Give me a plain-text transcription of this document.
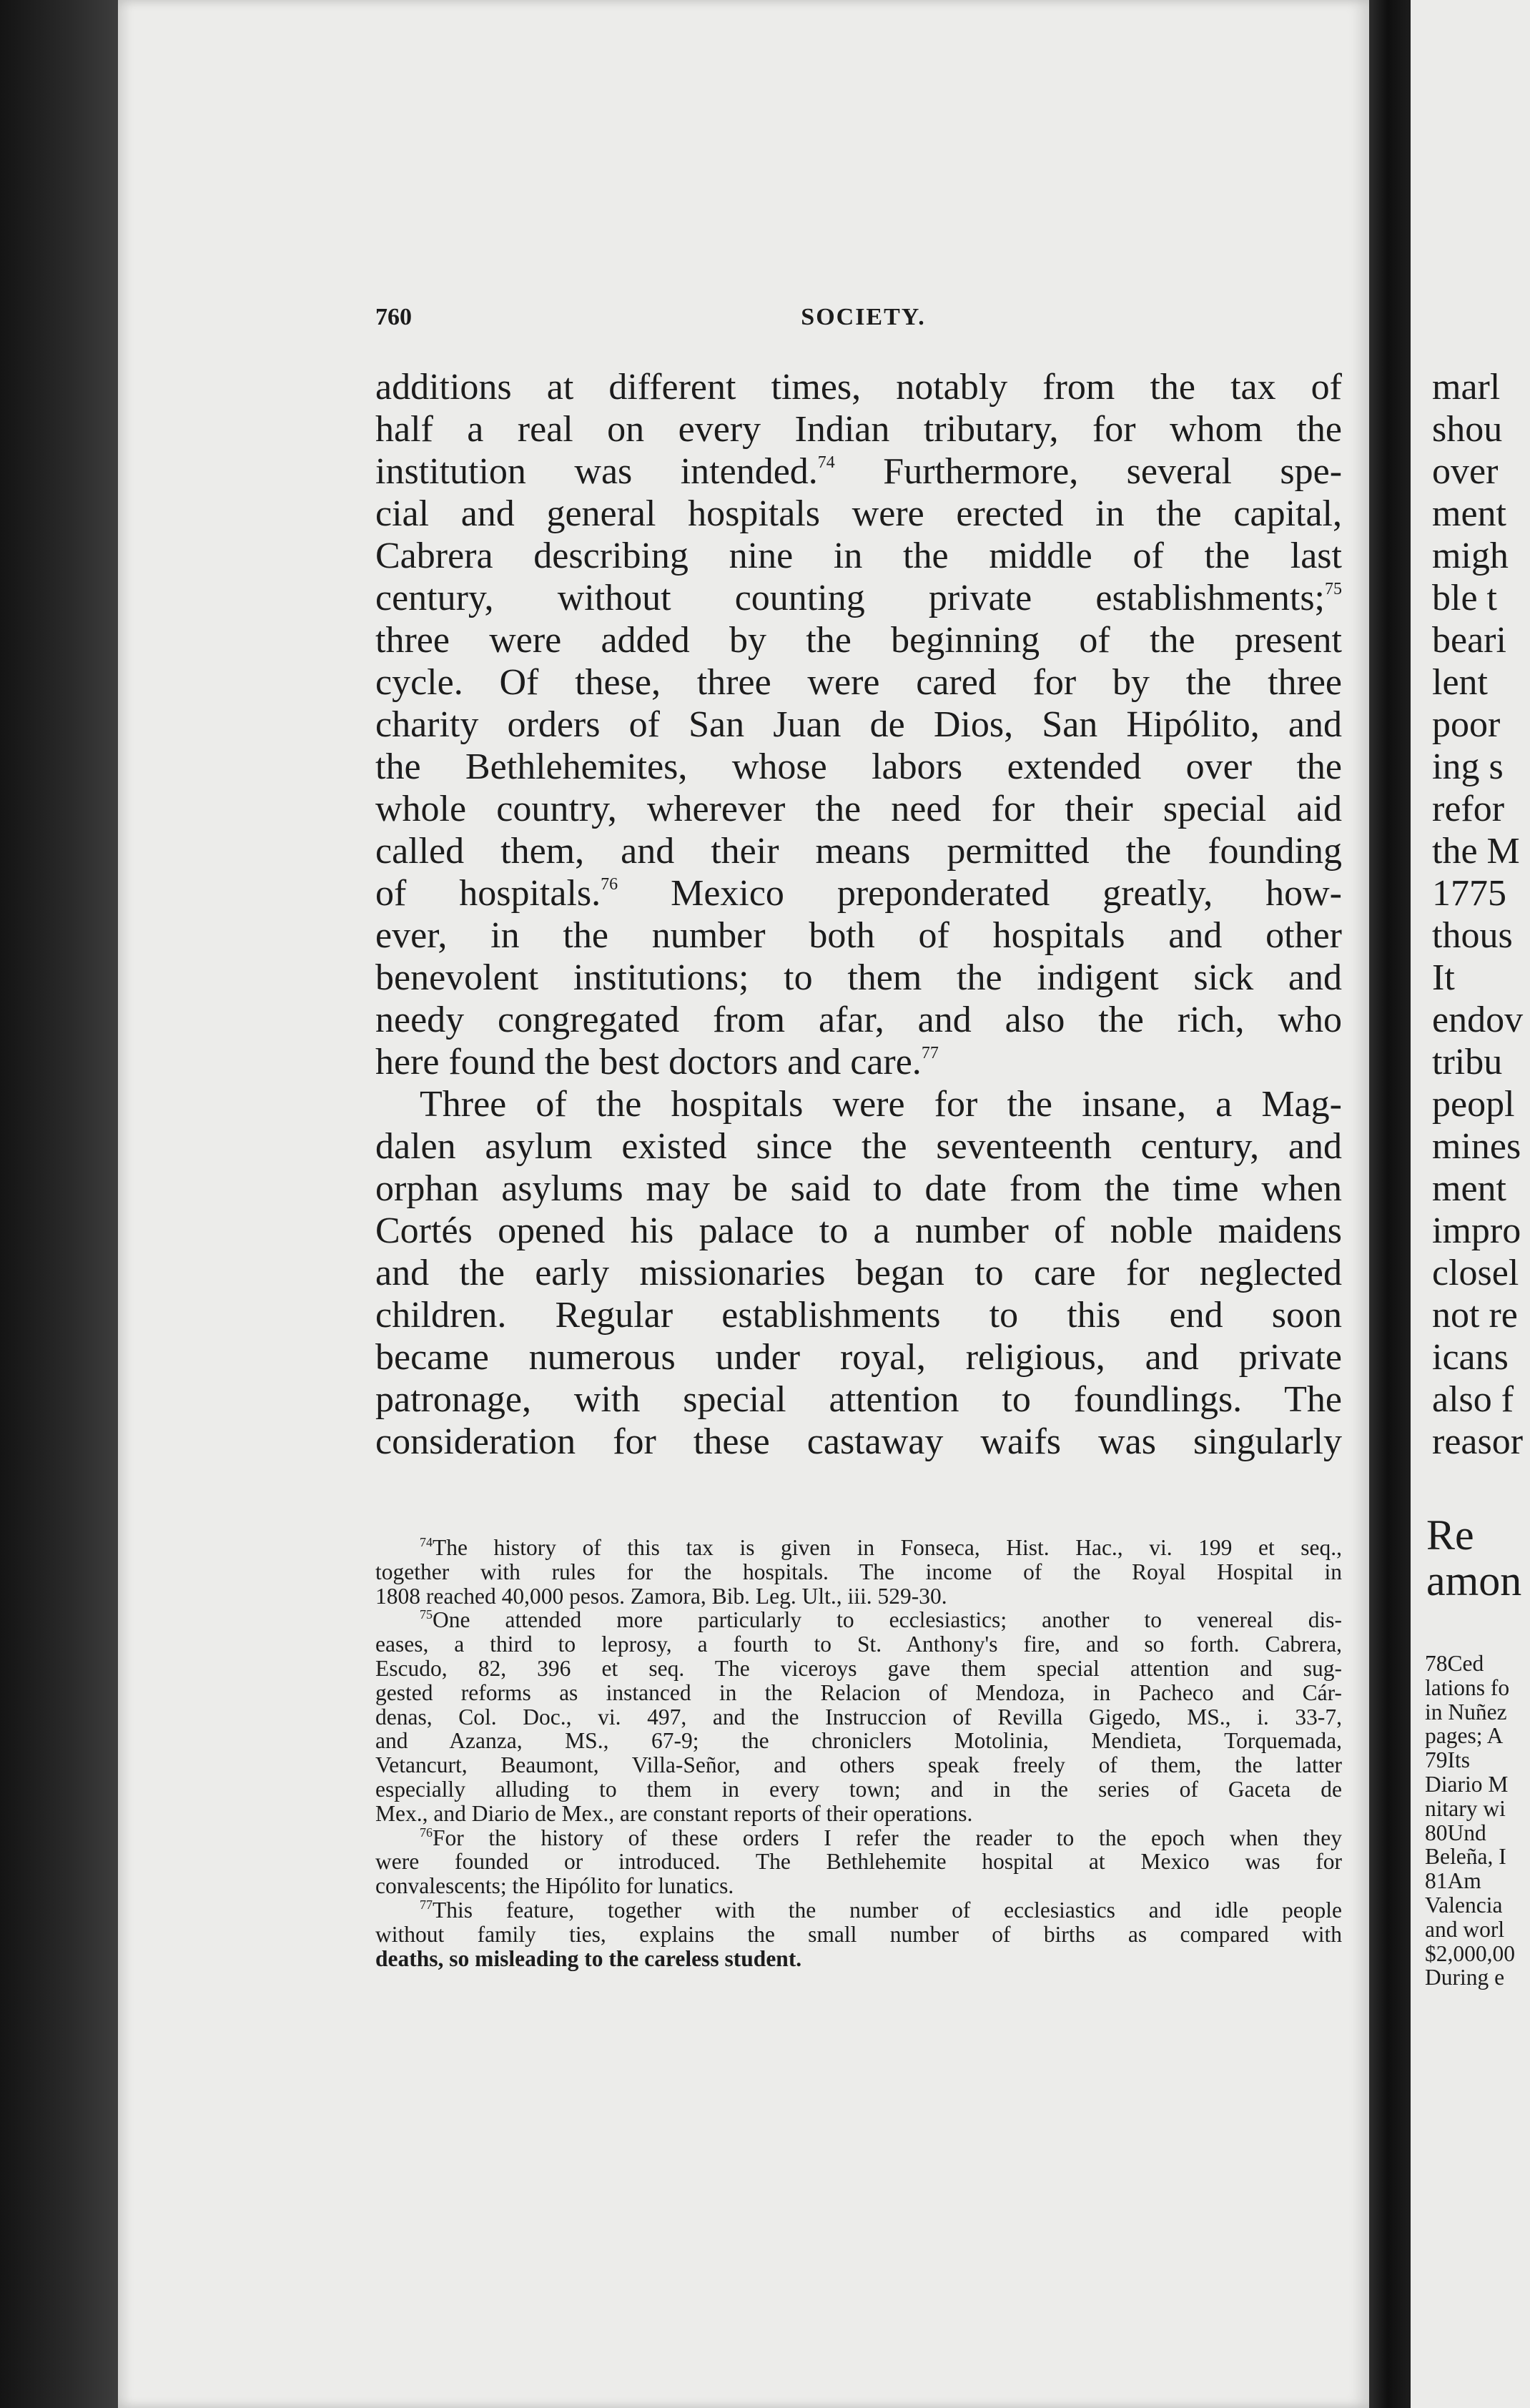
760	SOCIETY.
additions at different times, notably from the tax of
half a real on every Indian tributary, for whom the
institution was intended.$^{74}$ Furthermore, several spe-
cial and general hospitals were erected in the capital,
Cabrera describing nine in the middle of the last
century, without counting private establishments;$^{75}$
three were added by the beginning of the present
cycle. Of these, three were cared for by the three
charity orders of San Juan de Dios, San Hipólito, and
the Bethlehemites, whose labors extended over the
whole country, wherever the need for their special aid
called them, and their means permitted the founding
of hospitals.$^{76}$ Mexico preponderated greatly, how-
ever, in the number both of hospitals and other
benevolent institutions; to them the indigent sick and
needy congregated from afar, and also the rich, who
here found the best doctors and care.$^{77}$
Three of the hospitals were for the insane, a Mag-
dalen asylum existed since the seventeenth century, and
orphan asylums may be said to date from the time when
Cortés opened his palace to a number of noble maidens
and the early missionaries began to care for neglected
children. Regular establishments to this end soon
became numerous under royal, religious, and private
patronage, with special attention to foundlings. The
consideration for these castaway waifs was singularly
$^{74}$The history of this tax is given in Fonseca, Hist. Hac., vi. 199 et seq.,
together with rules for the hospitals. The income of the Royal Hospital in
1808 reached 40,000 pesos. Zamora, Bib. Leg. Ult., iii. 529-30.
$^{75}$One attended more particularly to ecclesiastics; another to venereal dis-
eases, a third to leprosy, a fourth to St. Anthony's fire, and so forth. Cabrera,
Escudo, 82, 396 et seq. The viceroys gave them special attention and sug-
gested reforms as instanced in the Relacion of Mendoza, in Pacheco and Cár-
denas, Col. Doc., vi. 497, and the Instruccion of Revilla Gigedo, MS., i. 33-7,
and Azanza, MS., 67-9; the chroniclers Motolinia, Mendieta, Torquemada,
Vetancurt, Beaumont, Villa-Señor, and others speak freely of them, the latter
especially alluding to them in every town; and in the series of Gaceta de
Mex., and Diario de Mex., are constant reports of their operations.
$^{76}$For the history of these orders I refer the reader to the epoch when they
were founded or introduced. The Bethlehemite hospital at Mexico was for
convalescents; the Hipólito for lunatics.
$^{77}$This feature, together with the number of ecclesiastics and idle people
without family ties, explains the small number of births as compared with
deaths, so misleading to the careless student.
marl
shou
over
ment
migh
ble t
beari
lent
poor
ing s
refor
the M
1775
thous
It
endov
tribu
peopl
mines
ment
impro
closel
not re
icans
also f
reasor
Re
amon
78Ced
lations fo
in Nuñez
pages; A
79Its
Diario M
nitary wi
80Und
Beleña, I
81Am
Valencia
and worl
$2,000,00
During e
